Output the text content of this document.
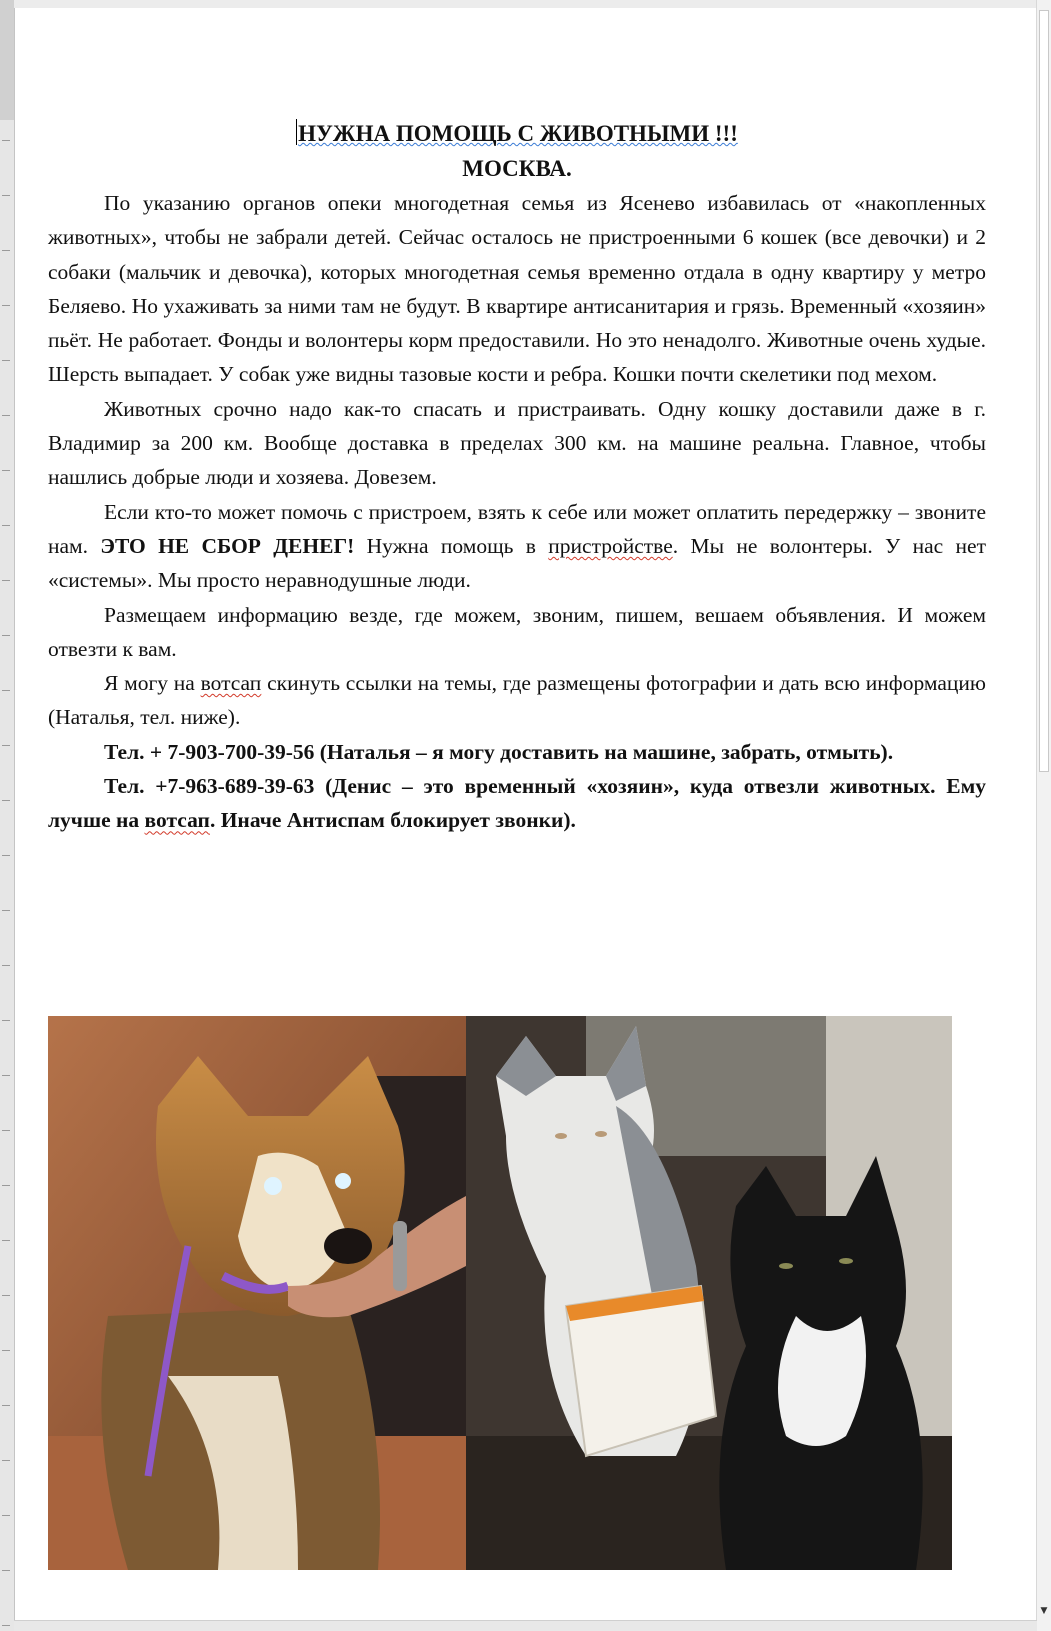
▼
НУЖНА ПОМОЩЬ С ЖИВОТНЫМИ !!!
МОСКВА.

По указанию органов опеки многодетная семья из Ясенево избавилась от «накопленных животных», чтобы не забрали детей. Сейчас осталось не пристроенными 6 кошек (все девочки) и 2 собаки (мальчик и девочка), которых многодетная семья временно отдала в одну квартиру у метро Беляево. Но ухаживать за ними там не будут. В квартире антисанитария и грязь. Временный «хозяин» пьёт. Не работает. Фонды и волонтеры корм предоставили. Но это ненадолго. Животные очень худые. Шерсть выпадает. У собак уже видны тазовые кости и ребра. Кошки почти скелетики под мехом.

Животных срочно надо как-то спасать и пристраивать. Одну кошку доставили даже в г. Владимир за 200 км. Вообще доставка в пределах 300 км. на машине реальна. Главное, чтобы нашлись добрые люди и хозяева. Довезем.

Если кто-то может помочь с пристроем, взять к себе или может оплатить передержку – звоните нам. ЭТО НЕ СБОР ДЕНЕГ! Нужна помощь в пристройстве. Мы не волонтеры. У нас нет «системы». Мы просто неравнодушные люди.

Размещаем информацию везде, где можем, звоним, пишем, вешаем объявления. И можем отвезти к вам.

Я могу на вотсап скинуть ссылки на темы, где размещены фотографии и дать всю информацию (Наталья, тел. ниже).

Тел. + 7-903-700-39-56 (Наталья – я могу доставить на машине, забрать, отмыть).

Тел. +7-963-689-39-63 (Денис – это временный «хозяин», куда отвезли животных. Ему лучше на вотсап. Иначе Антиспам блокирует звонки).
